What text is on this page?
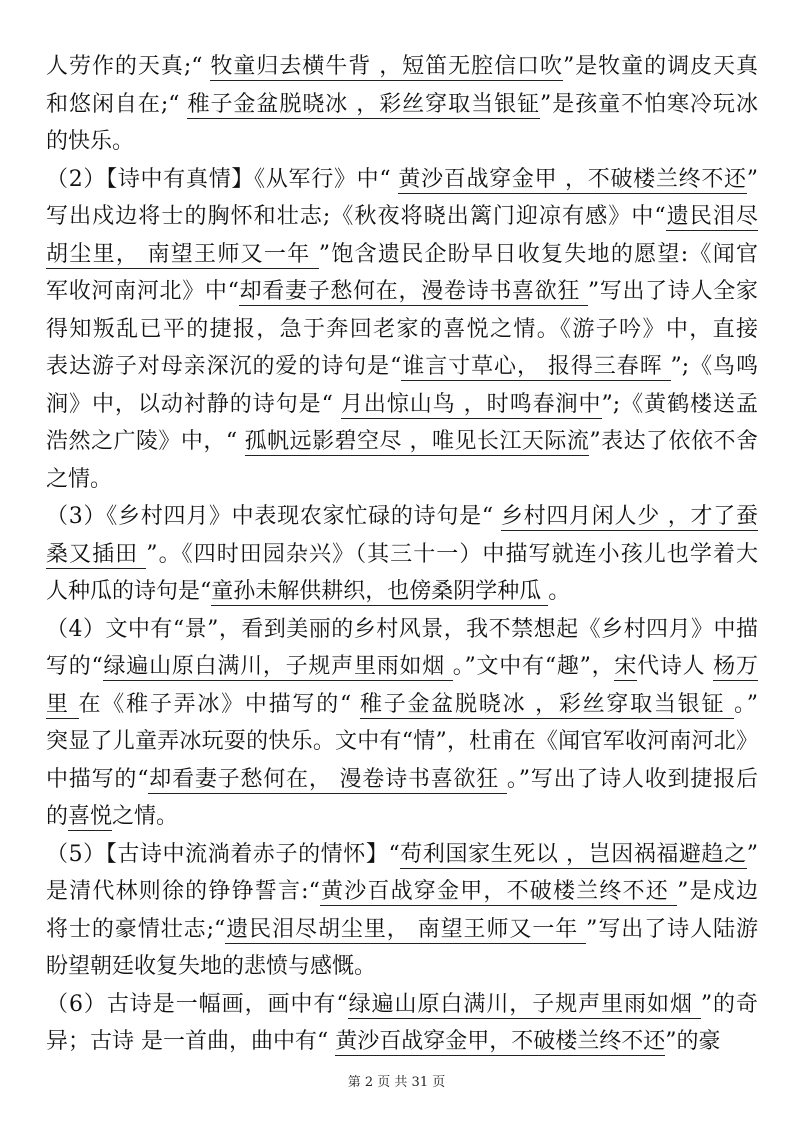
人劳作的天真;“ 牧童归去横牛背 ，短笛无腔信口吹”是牧童的调皮天真
和悠闲自在;“ 稚子金盆脱晓冰 ，彩丝穿取当银钲”是孩童不怕寒冷玩冰
的快乐。
（2）【诗中有真情】《从军行》中“ 黄沙百战穿金甲 ，不破楼兰终不还”
写出戍边将士的胸怀和壮志;《秋夜将晓出篱门迎凉有感》中“遗民泪尽
胡尘里， 南望王师又一年 ”饱含遗民企盼早日收复失地的愿望:《闻官
军收河南河北》中“却看妻子愁何在，漫卷诗书喜欲狂 ”写出了诗人全家
得知叛乱已平的捷报，急于奔回老家的喜悦之情。《游子吟》中，直接
表达游子对母亲深沉的爱的诗句是“谁言寸草心， 报得三春晖 ”;《鸟鸣
涧》中，以动衬静的诗句是“ 月出惊山鸟 ，时鸣春涧中”;《黄鹤楼送孟
浩然之广陵》中，“ 孤帆远影碧空尽 ，唯见长江天际流”表达了依依不舍
之情。
（3）《乡村四月》中表现农家忙碌的诗句是“ 乡村四月闲人少 ，才了蚕
桑又插田 ”。《四时田园杂兴》（其三十一）中描写就连小孩儿也学着大
人种瓜的诗句是“童孙未解供耕织，也傍桑阴学种瓜 。
（4）文中有“景”，看到美丽的乡村风景，我不禁想起《乡村四月》中描
写的“绿遍山原白满川，子规声里雨如烟 。”文中有“趣”，宋代诗人 杨万
里 在《稚子弄冰》中描写的“ 稚子金盆脱晓冰 ，彩丝穿取当银钲 。”
突显了儿童弄冰玩耍的快乐。文中有“情”，杜甫在《闻官军收河南河北》
中描写的“却看妻子愁何在， 漫卷诗书喜欲狂 。”写出了诗人收到捷报后
的喜悦之情。
（5）【古诗中流淌着赤子的情怀】“苟利国家生死以 ，岂因祸福避趋之”
是清代林则徐的铮铮誓言:“黄沙百战穿金甲，不破楼兰终不还 ”是戍边
将士的豪情壮志;“遗民泪尽胡尘里， 南望王师又一年 ”写出了诗人陆游
盼望朝廷收复失地的悲愤与感慨。
（6）古诗是一幅画，画中有“绿遍山原白满川，子规声里雨如烟 ”的奇
异；古诗 是一首曲，曲中有“ 黄沙百战穿金甲，不破楼兰终不还”的豪
第 2 页 共 31 页
